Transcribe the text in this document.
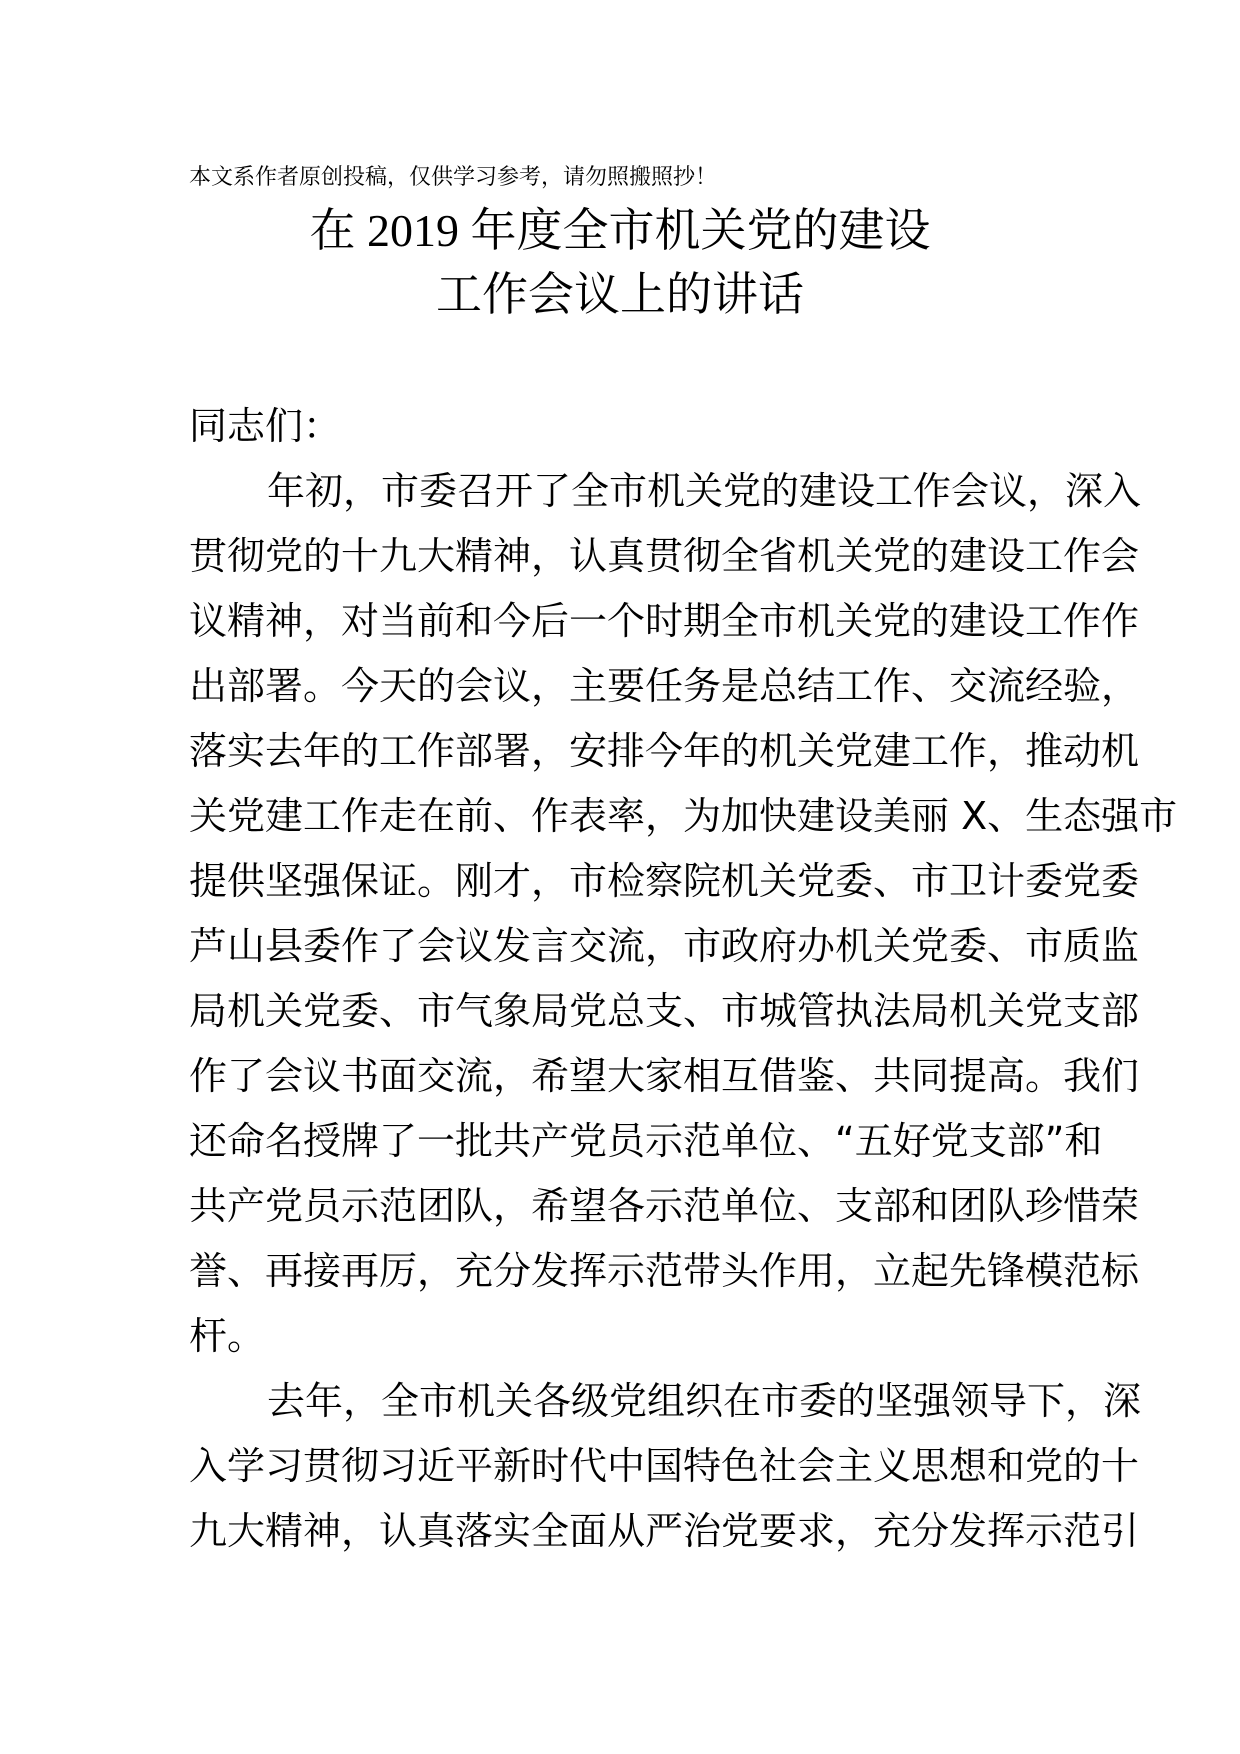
本文系作者原创投稿，仅供学习参考，请勿照搬照抄！
在 2019 年度全市机关党的建设
工作会议上的讲话
同志们：
年初，市委召开了全市机关党的建设工作会议，深入
贯彻党的十九大精神，认真贯彻全省机关党的建设工作会
议精神，对当前和今后一个时期全市机关党的建设工作作
出部署。今天的会议，主要任务是总结工作、交流经验，
落实去年的工作部署，安排今年的机关党建工作，推动机
关党建工作走在前、作表率，为加快建设美丽 X、生态强市
提供坚强保证。刚才，市检察院机关党委、市卫计委党委
芦山县委作了会议发言交流，市政府办机关党委、市质监
局机关党委、市气象局党总支、市城管执法局机关党支部
作了会议书面交流，希望大家相互借鉴、共同提高。我们
还命名授牌了一批共产党员示范单位、“五好党支部”和
共产党员示范团队，希望各示范单位、支部和团队珍惜荣
誉、再接再厉，充分发挥示范带头作用，立起先锋模范标
杆。
去年，全市机关各级党组织在市委的坚强领导下，深
入学习贯彻习近平新时代中国特色社会主义思想和党的十
九大精神，认真落实全面从严治党要求，充分发挥示范引
